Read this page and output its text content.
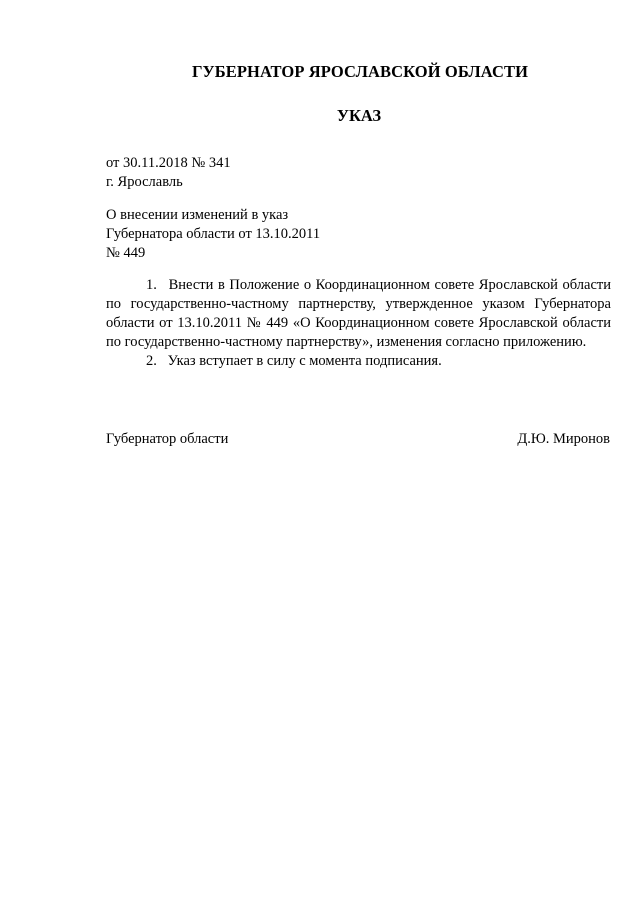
ГУБЕРНАТОР ЯРОСЛАВСКОЙ ОБЛАСТИ
УКАЗ
от 30.11.2018 № 341
г. Ярославль
О внесении изменений в указ
Губернатора области от 13.10.2011
№ 449

1. Внести в Положение о Координационном совете Ярославской области по государственно-частному партнерству, утвержденное указом Губернатора области от 13.10.2011 № 449 «О Координационном совете Ярославской области по государственно-частному партнерству», изменения согласно приложению.

2. Указ вступает в силу с момента подписания.

Губернатор области	Д.Ю. Миронов
